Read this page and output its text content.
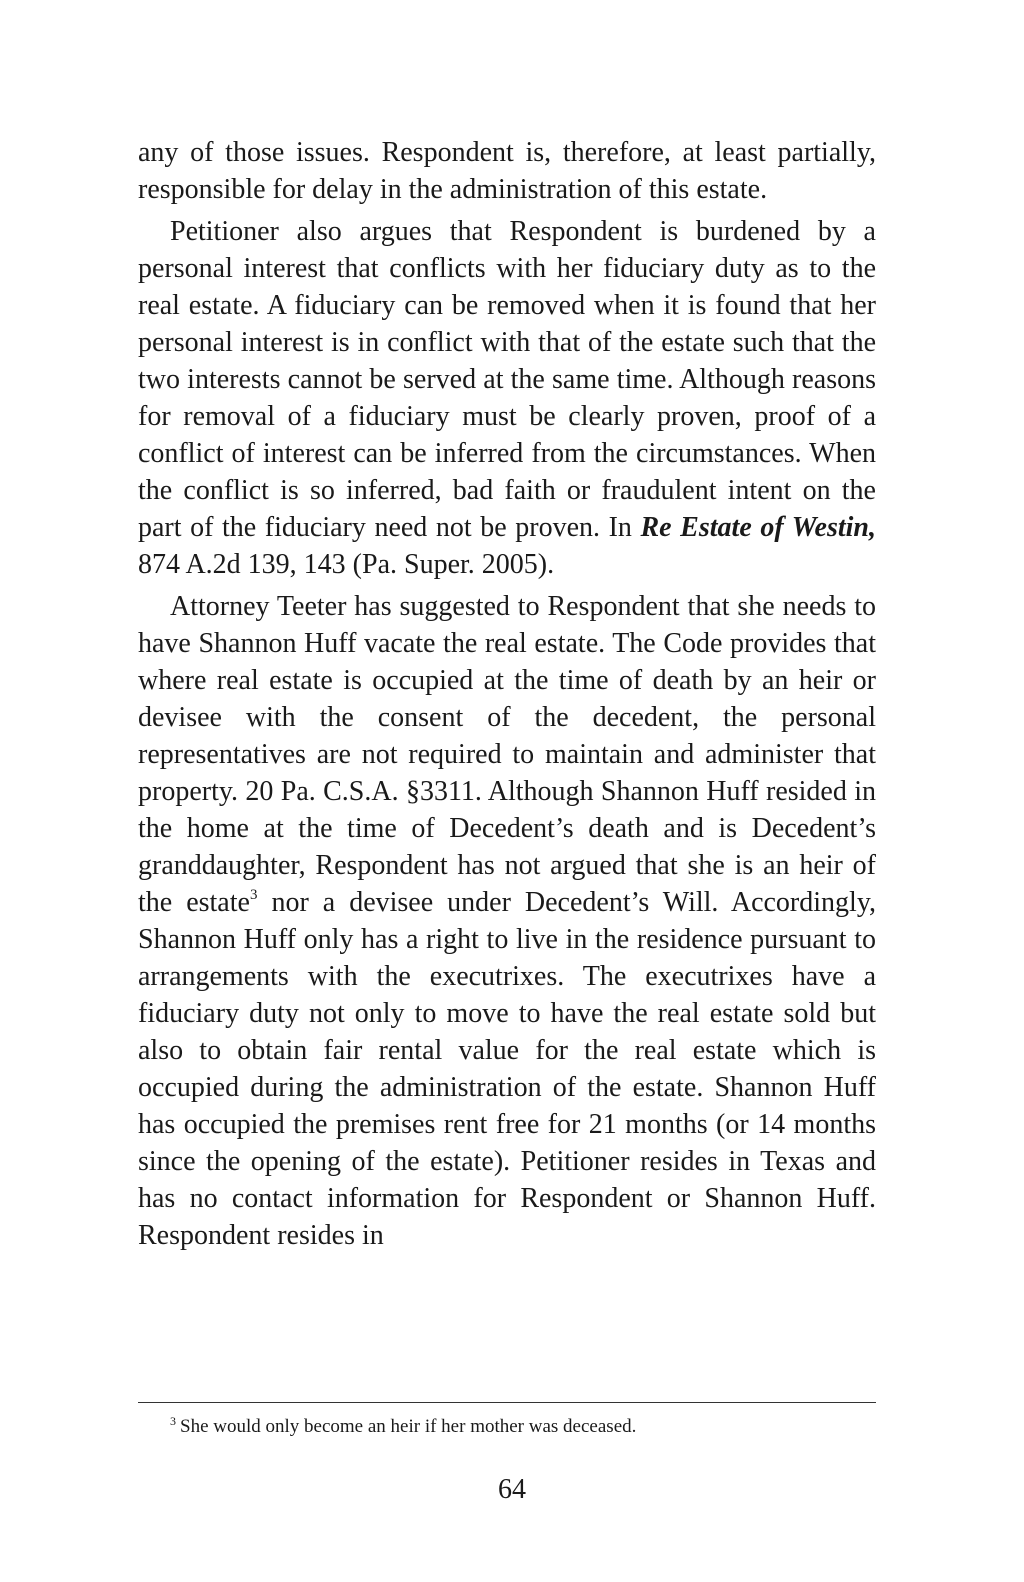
any of those issues. Respondent is, therefore, at least partially, responsible for delay in the administration of this estate.

Petitioner also argues that Respondent is burdened by a personal interest that conflicts with her fiduciary duty as to the real estate. A fiduciary can be removed when it is found that her personal interest is in conflict with that of the estate such that the two interests cannot be served at the same time. Although reasons for removal of a fiduciary must be clearly proven, proof of a conflict of interest can be inferred from the circumstances. When the conflict is so inferred, bad faith or fraudulent intent on the part of the fiduciary need not be proven. In Re Estate of Westin, 874 A.2d 139, 143 (Pa. Super. 2005).

Attorney Teeter has suggested to Respondent that she needs to have Shannon Huff vacate the real estate. The Code provides that where real estate is occupied at the time of death by an heir or devisee with the consent of the decedent, the personal representatives are not required to maintain and administer that property. 20 Pa. C.S.A. §3311. Although Shannon Huff resided in the home at the time of Decedent’s death and is Decedent’s granddaughter, Respondent has not argued that she is an heir of the estate$^3$ nor a devisee under Decedent’s Will. Accordingly, Shannon Huff only has a right to live in the residence pursuant to arrangements with the executrixes. The executrixes have a fiduciary duty not only to move to have the real estate sold but also to obtain fair rental value for the real estate which is occupied during the administration of the estate. Shannon Huff has occupied the premises rent free for 21 months (or 14 months since the opening of the estate). Petitioner resides in Texas and has no contact information for Respondent or Shannon Huff. Respondent resides in

$^3$ She would only become an heir if her mother was deceased.
64
